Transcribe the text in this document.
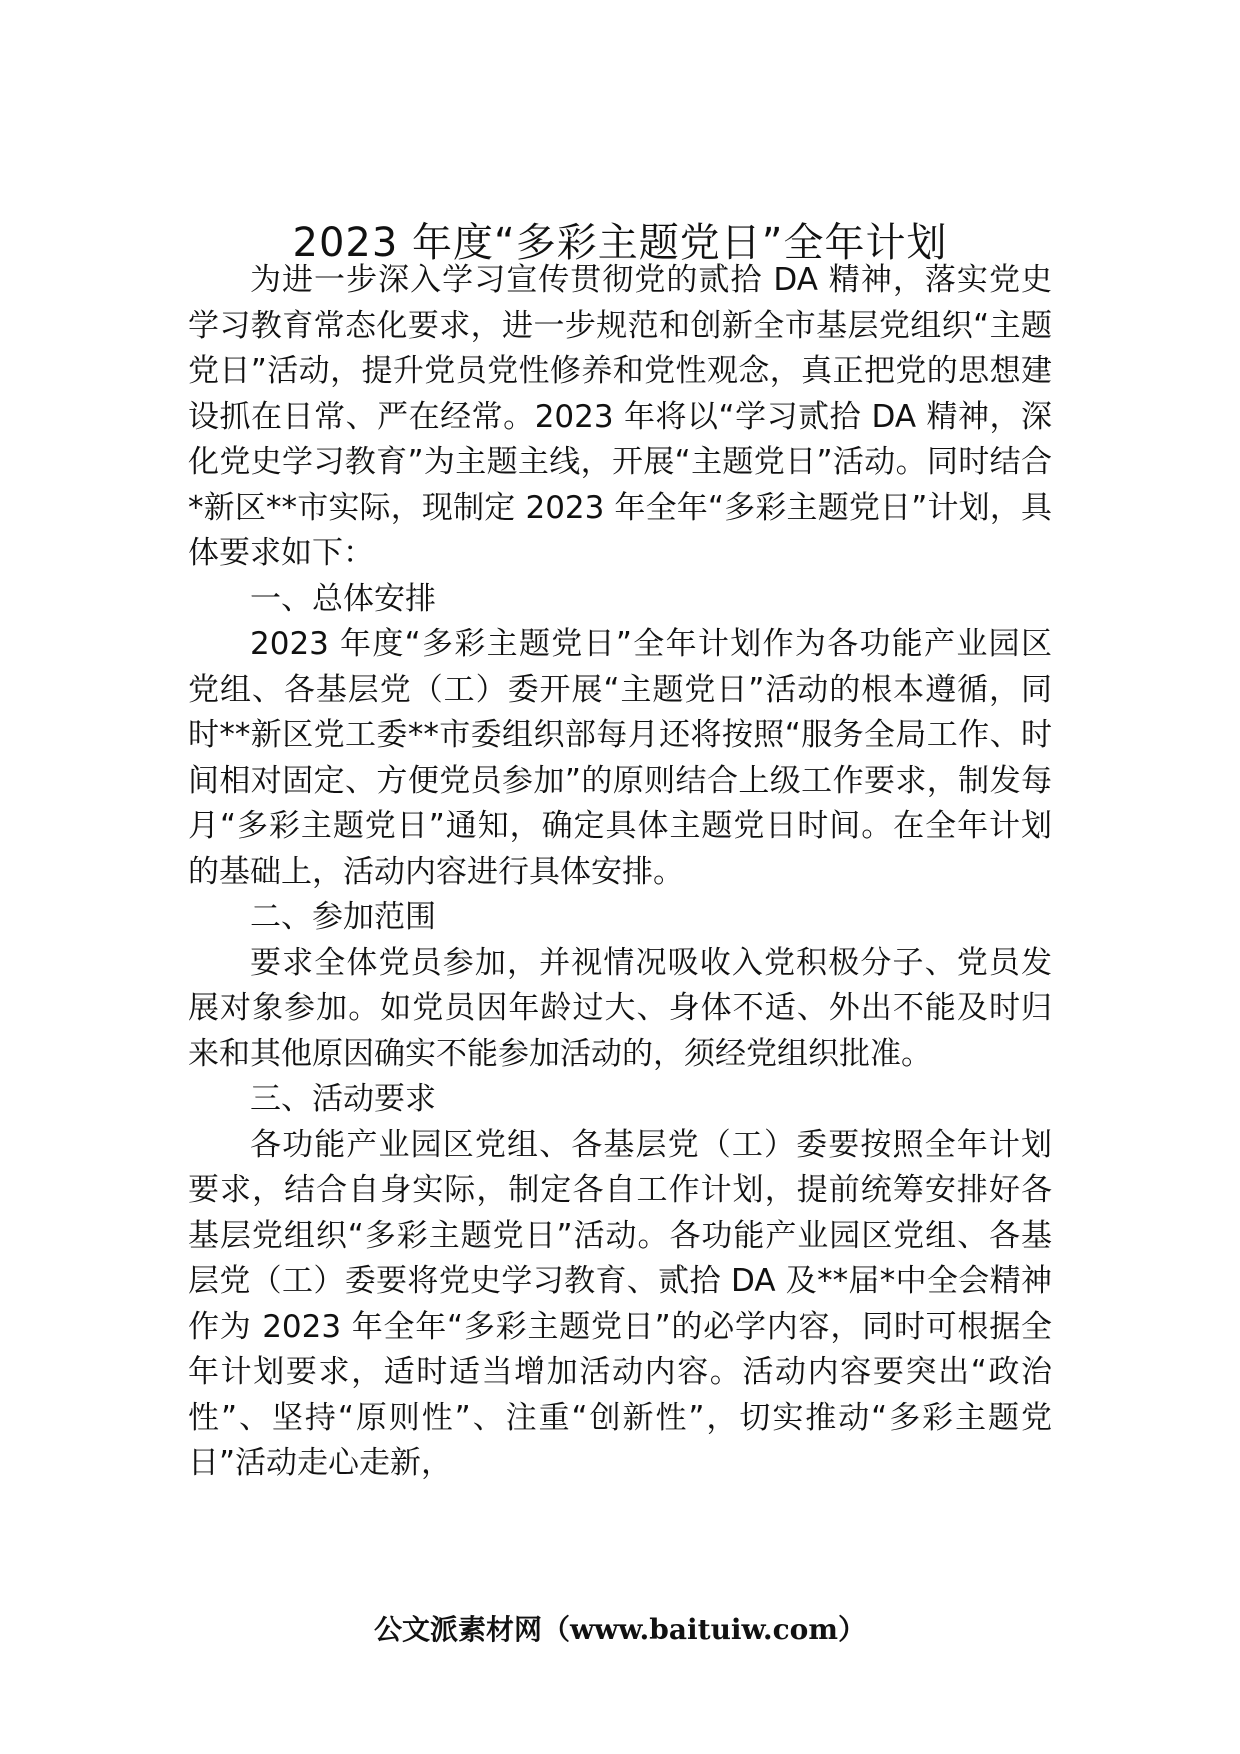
2023 年度“多彩主题党日”全年计划

为进一步深入学习宣传贯彻党的贰拾 DA 精神，落实党史学习教育常态化要求，进一步规范和创新全市基层党组织“主题党日”活动，提升党员党性修养和党性观念，真正把党的思想建设抓在日常、严在经常。2023 年将以“学习贰拾 DA 精神，深化党史学习教育”为主题主线，开展“主题党日”活动。同时结合*新区**市实际，现制定 2023 年全年“多彩主题党日”计划，具体要求如下：

一、总体安排

2023 年度“多彩主题党日”全年计划作为各功能产业园区党组、各基层党（工）委开展“主题党日”活动的根本遵循，同时**新区党工委**市委组织部每月还将按照“服务全局工作、时间相对固定、方便党员参加”的原则结合上级工作要求，制发每月“多彩主题党日”通知，确定具体主题党日时间。在全年计划的基础上，活动内容进行具体安排。

二、参加范围

要求全体党员参加，并视情况吸收入党积极分子、党员发展对象参加。如党员因年龄过大、身体不适、外出不能及时归来和其他原因确实不能参加活动的，须经党组织批准。

三、活动要求

各功能产业园区党组、各基层党（工）委要按照全年计划要求，结合自身实际，制定各自工作计划，提前统筹安排好各基层党组织“多彩主题党日”活动。各功能产业园区党组、各基层党（工）委要将党史学习教育、贰拾 DA 及**届*中全会精神作为 2023 年全年“多彩主题党日”的必学内容，同时可根据全年计划要求，适时适当增加活动内容。活动内容要突出“政治性”、坚持“原则性”、注重“创新性”，切实推动“多彩主题党日”活动走心走新，

公文派素材网（www.baituiw.com）
